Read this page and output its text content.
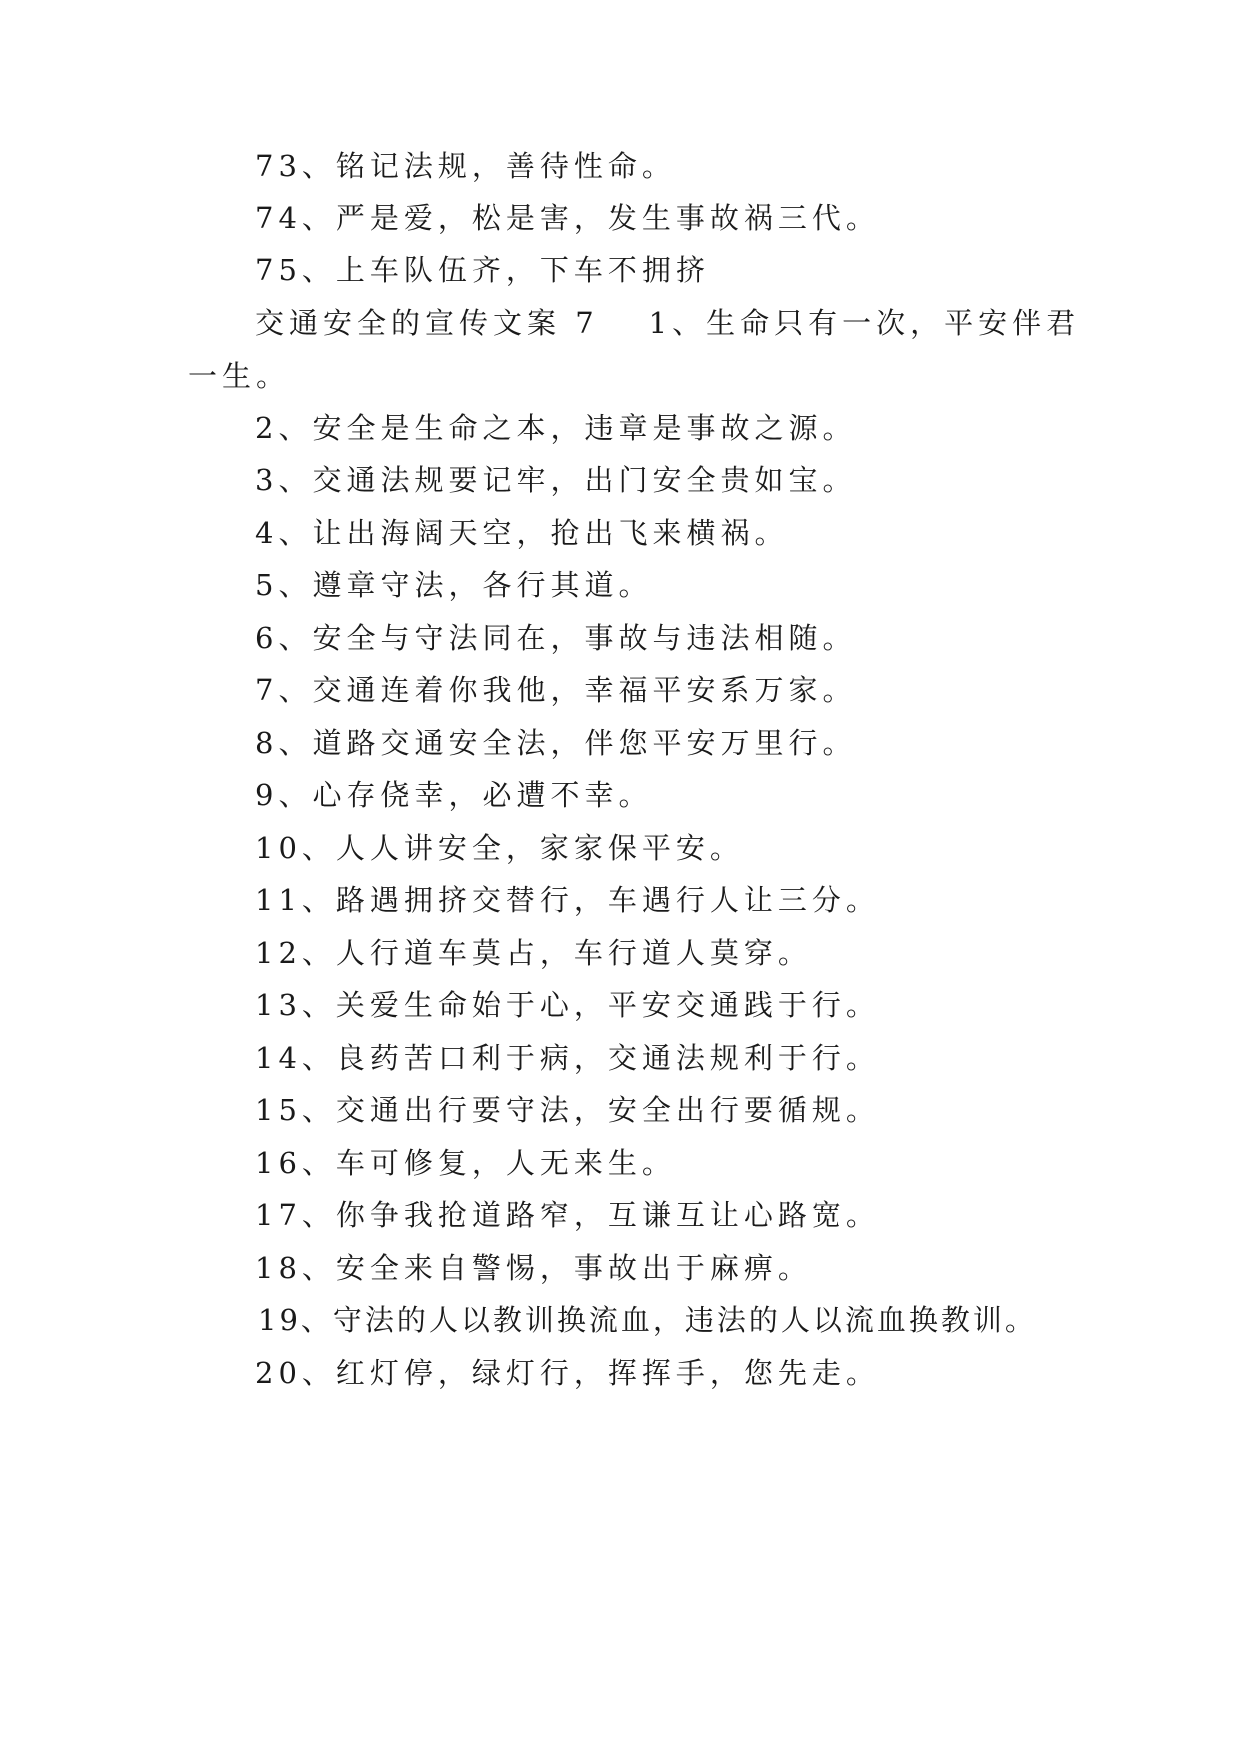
73、铭记法规，善待性命。
74、严是爱，松是害，发生事故祸三代。
75、上车队伍齐，下车不拥挤
交通安全的宣传文案 7 1、生命只有一次，平安伴君
一生。
2、安全是生命之本，违章是事故之源。
3、交通法规要记牢，出门安全贵如宝。
4、让出海阔天空，抢出飞来横祸。
5、遵章守法，各行其道。
6、安全与守法同在，事故与违法相随。
7、交通连着你我他，幸福平安系万家。
8、道路交通安全法，伴您平安万里行。
9、心存侥幸，必遭不幸。
10、人人讲安全，家家保平安。
11、路遇拥挤交替行，车遇行人让三分。
12、人行道车莫占，车行道人莫穿。
13、关爱生命始于心，平安交通践于行。
14、良药苦口利于病，交通法规利于行。
15、交通出行要守法，安全出行要循规。
16、车可修复，人无来生。
17、你争我抢道路窄，互谦互让心路宽。
18、安全来自警惕，事故出于麻痹。
19、守法的人以教训换流血，违法的人以流血换教训。
20、红灯停，绿灯行，挥挥手，您先走。
